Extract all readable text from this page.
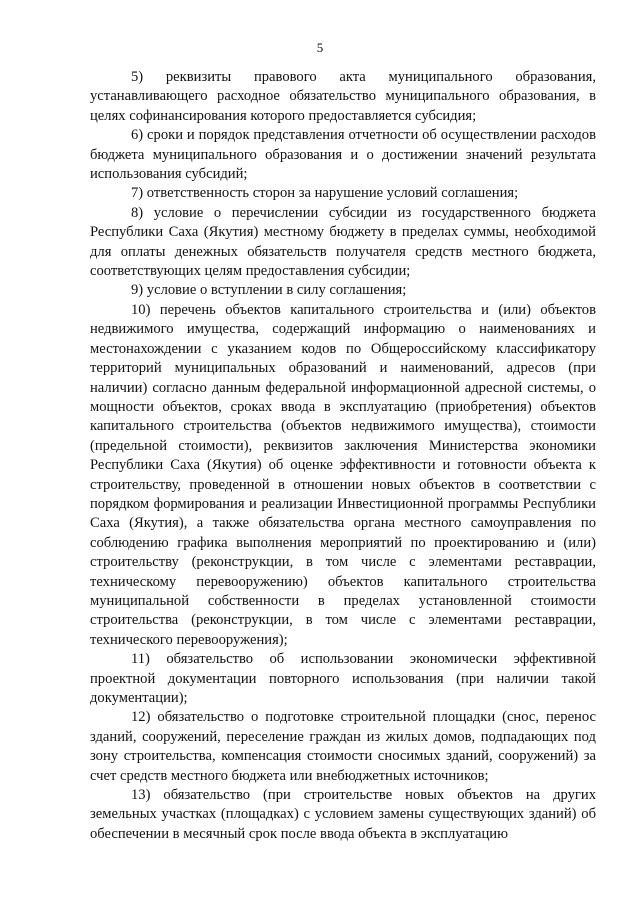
5

5) реквизиты правового акта муниципального образования, устанавливающего расходное обязательство муниципального образования, в целях софинансирования которого предоставляется субсидия;

6) сроки и порядок представления отчетности об осуществлении расходов бюджета муниципального образования и о достижении значений результата использования субсидий;

7) ответственность сторон за нарушение условий соглашения;

8) условие о перечислении субсидии из государственного бюджета Республики Саха (Якутия) местному бюджету в пределах суммы, необходимой для оплаты денежных обязательств получателя средств местного бюджета, соответствующих целям предоставления субсидии;

9) условие о вступлении в силу соглашения;

10) перечень объектов капитального строительства и (или) объектов недвижимого имущества, содержащий информацию о наименованиях и местонахождении с указанием кодов по Общероссийскому классификатору территорий муниципальных образований и наименований, адресов (при наличии) согласно данным федеральной информационной адресной системы, о мощности объектов, сроках ввода в эксплуатацию (приобретения) объектов капитального строительства (объектов недвижимого имущества), стоимости (предельной стоимости), реквизитов заключения Министерства экономики Республики Саха (Якутия) об оценке эффективности и готовности объекта к строительству, проведенной в отношении новых объектов в соответствии с порядком формирования и реализации Инвестиционной программы Республики Саха (Якутия), а также обязательства органа местного самоуправления по соблюдению графика выполнения мероприятий по проектированию и (или) строительству (реконструкции, в том числе с элементами реставрации, техническому перевооружению) объектов капитального строительства муниципальной собственности в пределах установленной стоимости строительства (реконструкции, в том числе с элементами реставрации, технического перевооружения);

11) обязательство об использовании экономически эффективной проектной документации повторного использования (при наличии такой документации);

12) обязательство о подготовке строительной площадки (снос, перенос зданий, сооружений, переселение граждан из жилых домов, подпадающих под зону строительства, компенсация стоимости сносимых зданий, сооружений) за счет средств местного бюджета или внебюджетных источников;

13) обязательство (при строительстве новых объектов на других земельных участках (площадках) с условием замены существующих зданий) об обеспечении в месячный срок после ввода объекта в эксплуатацию
